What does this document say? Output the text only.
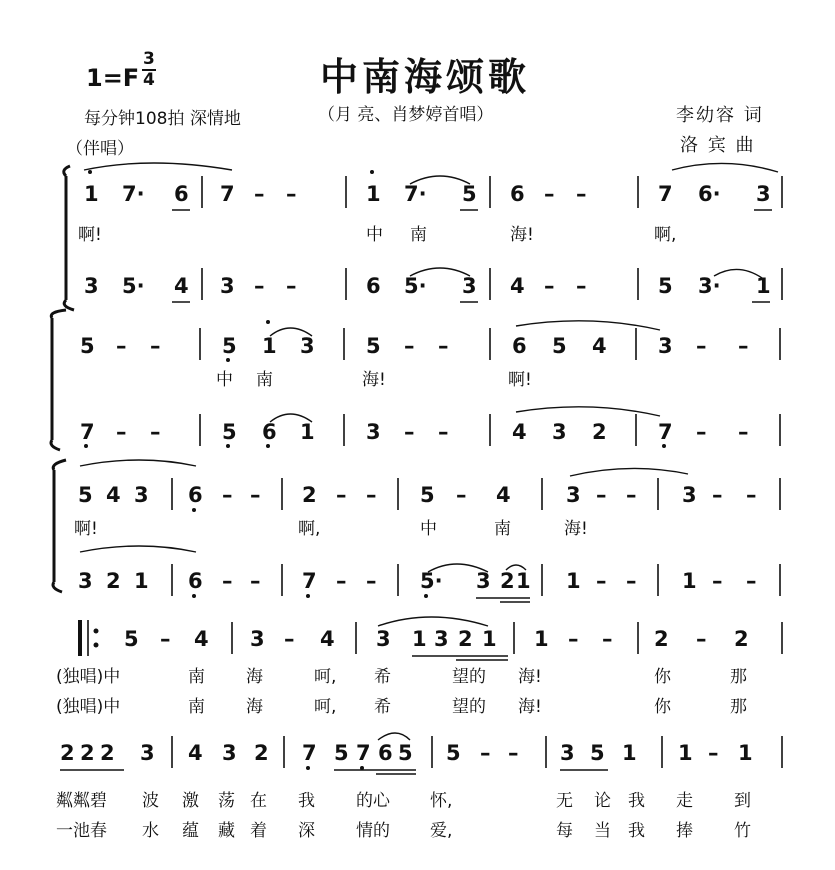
中南海颂歌
$1=F \frac{3}{4}$
每分钟108拍 深情地	（月 亮、肖梦婷首唱）	李幼容 词
洛 宾 曲
（伴唱）
1 7· 6 7 – –	1 7· 5 6 – –	7 6· 3
3 5· 4 3 – –	6 5· 3 4 – –	5 3· 1
啊!	中 南	海!	啊,
5 – –	5 1 3 5 – –	6 5 4 3 – –
7 – –	5 6 1 3 – –	4 3 2 7 – –
中 南	海!	啊!
5 4 3 6 – – 2 – – 5 – 4	3 – – 3 – –
3 2 1 6 – – 7 – – 5· 3 2 1 1 – – 1 – –
啊!	啊,	中	南	海!
5 – 4 3 – 4 3 1 3 2 1 1 – – 2 – 2
(独唱)中	南 海	呵, 希	望的 海!	你	那
(独唱)中	南 海	呵, 希	望的 海!	你	那
2 2 2 3 4 3 2 7 5 7 6 5 5 – – 3 5 1 1 – 1
粼粼碧 波 激 荡 在 我 的心 怀,	无 论 我 走 到
一池春 水 蕴 藏 着 深 情的 爱,	每 当 我 捧 竹
